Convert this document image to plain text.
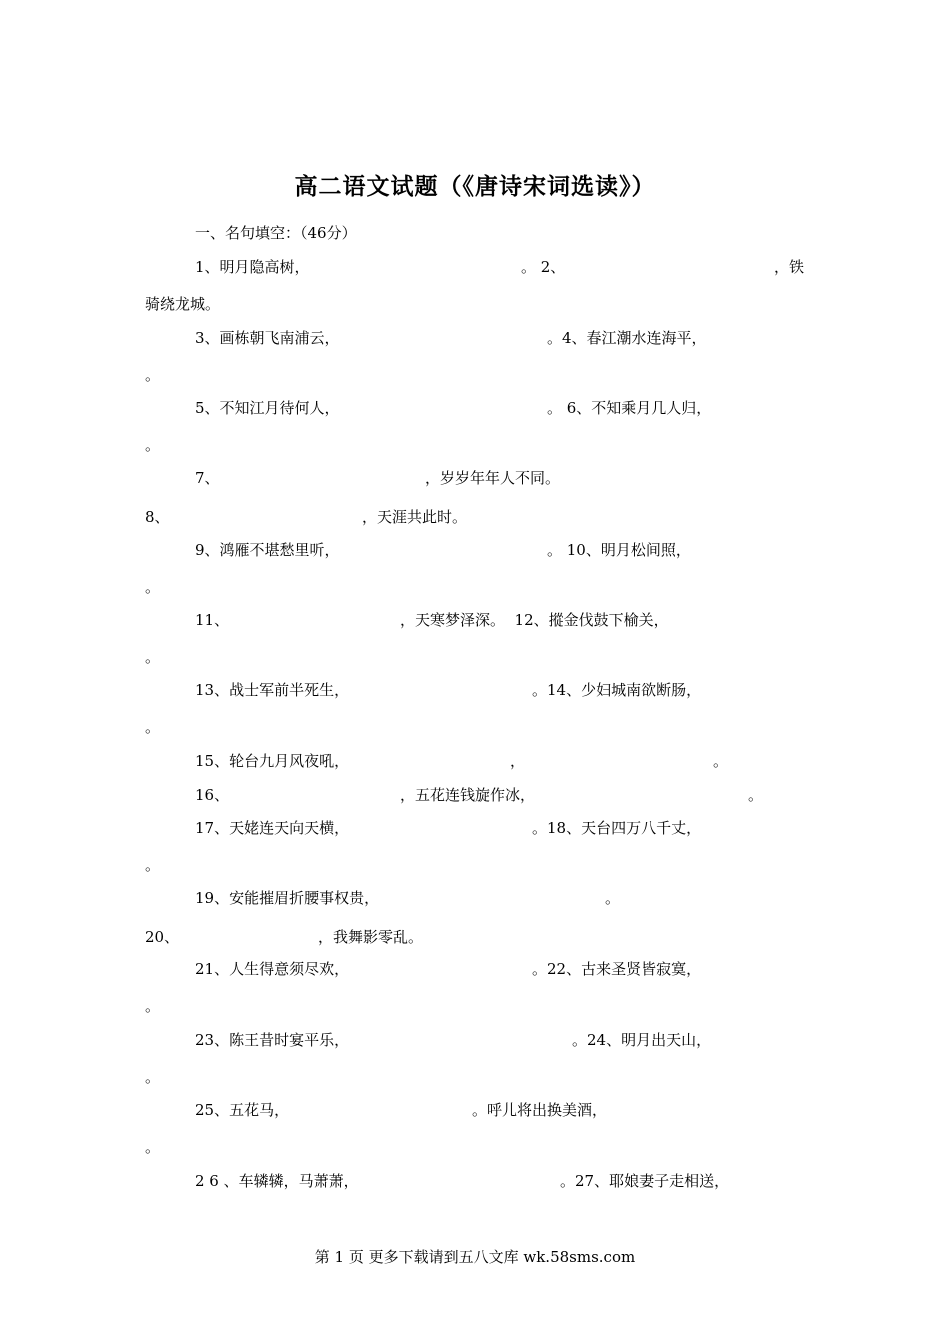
高二语文试题（《唐诗宋词选读》）
一、名句填空：（46分）
1、明月隐高树，	。 2、	，铁
骑绕龙城。
3、画栋朝飞南浦云，	。4、春江潮水连海平，
。
5、不知江月待何人，	。 6、不知乘月几人归，
。
7、	，岁岁年年人不同。
8、	，天涯共此时。
9、鸿雁不堪愁里听，	。 10、明月松间照，
。
11、	，天寒梦泽深。  12、摐金伐鼓下榆关，
。
13、战士军前半死生，	。14、少妇城南欲断肠，
。
15、轮台九月风夜吼，	，	。
16、	，五花连钱旋作冰，	。
17、天姥连天向天横，	。18、天台四万八千丈，
。
19、安能摧眉折腰事权贵，	。
20、	，我舞影零乱。
21、人生得意须尽欢，	。22、古来圣贤皆寂寞，
。
23、陈王昔时宴平乐，	。24、明月出天山，
。
25、五花马，	。呼儿将出换美酒，
。
2 6 、车辚辚，马萧萧，	。27、耶娘妻子走相送，
第 1 页 更多下载请到五八文库 wk.58sms.com
